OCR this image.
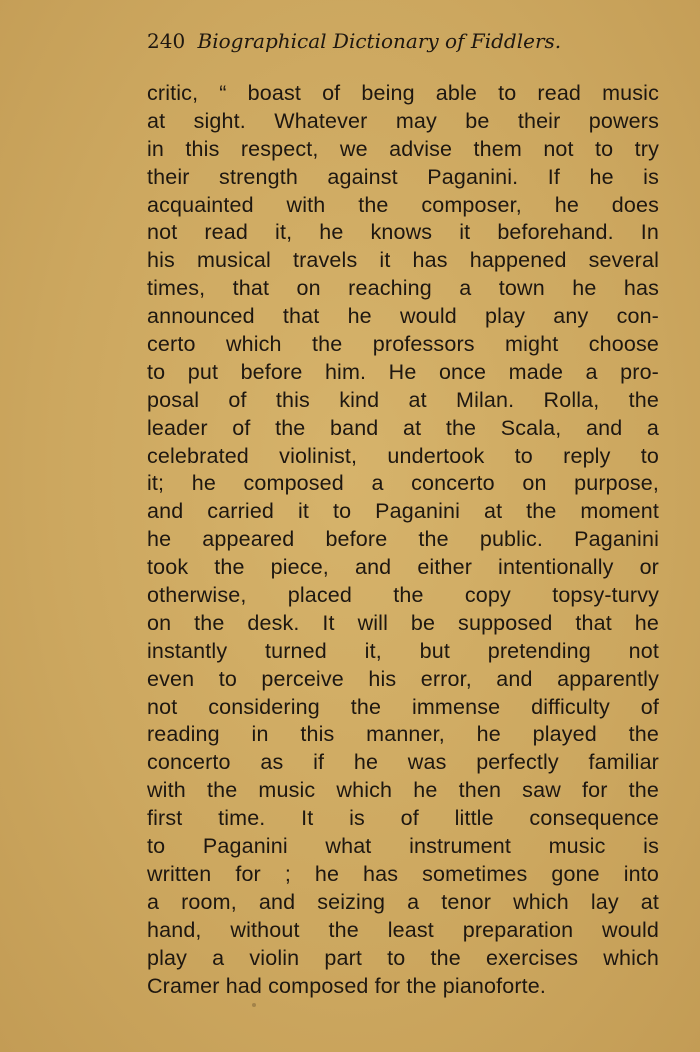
240 Biographical Dictionary of Fiddlers.
critic, “ boast of being able to read music
at sight. Whatever may be their powers
in this respect, we advise them not to try
their strength against Paganini. If he is
acquainted with the composer, he does
not read it, he knows it beforehand. In
his musical travels it has happened several
times, that on reaching a town he has
announced that he would play any con-
certo which the professors might choose
to put before him. He once made a pro-
posal of this kind at Milan. Rolla, the
leader of the band at the Scala, and a
celebrated violinist, undertook to reply to
it; he composed a concerto on purpose,
and carried it to Paganini at the moment
he appeared before the public. Paganini
took the piece, and either intentionally or
otherwise, placed the copy topsy-turvy
on the desk. It will be supposed that he
instantly turned it, but pretending not
even to perceive his error, and apparently
not considering the immense difficulty of
reading in this manner, he played the
concerto as if he was perfectly familiar
with the music which he then saw for the
first time. It is of little consequence
to Paganini what instrument music is
written for ; he has sometimes gone into
a room, and seizing a tenor which lay at
hand, without the least preparation would
play a violin part to the exercises which
Cramer had composed for the pianoforte.
